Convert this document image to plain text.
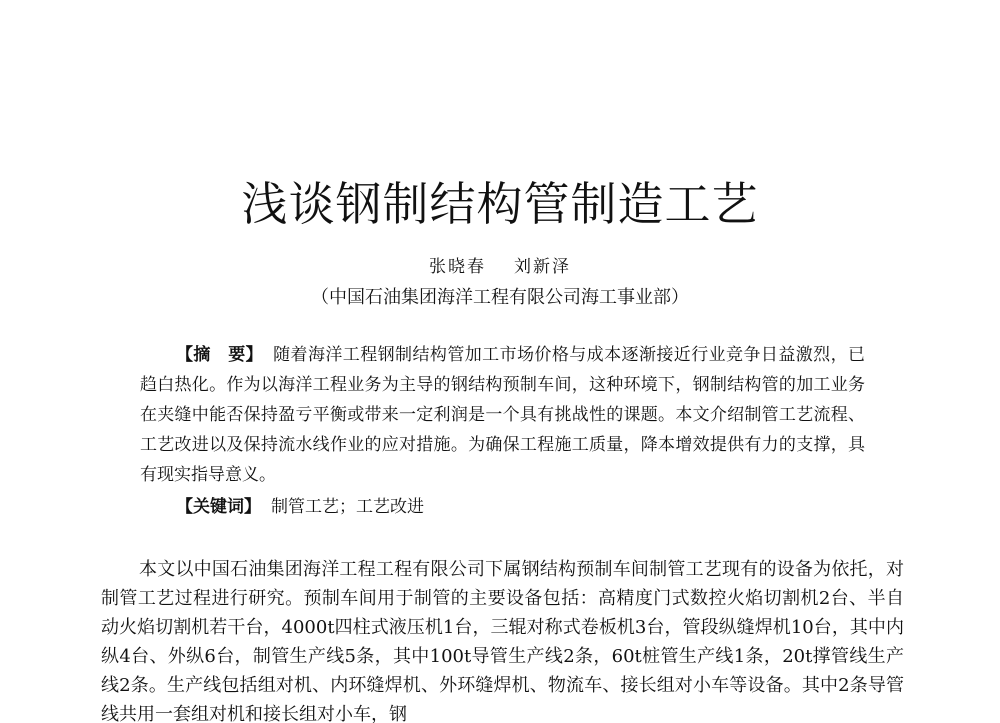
浅谈钢制结构管制造工艺
张晓春 刘新泽
（中国石油集团海洋工程有限公司海工事业部）
【摘　要】 随着海洋工程钢制结构管加工市场价格与成本逐渐接近行业竞争日益激烈，已趋白热化。作为以海洋工程业务为主导的钢结构预制车间，这种环境下，钢制结构管的加工业务在夹缝中能否保持盈亏平衡或带来一定利润是一个具有挑战性的课题。本文介绍制管工艺流程、工艺改进以及保持流水线作业的应对措施。为确保工程施工质量，降本增效提供有力的支撑，具有现实指导意义。
【关键词】 制管工艺；工艺改进

本文以中国石油集团海洋工程工程有限公司下属钢结构预制车间制管工艺现有的设备为依托，对制管工艺过程进行研究。预制车间用于制管的主要设备包括：高精度门式数控火焰切割机2台、半自动火焰切割机若干台，4000t四柱式液压机1台，三辊对称式卷板机3台，管段纵缝焊机10台，其中内纵4台、外纵6台，制管生产线5条，其中100t导管生产线2条，60t桩管生产线1条，20t撑管线生产线2条。生产线包括组对机、内环缝焊机、外环缝焊机、物流车、接长组对小车等设备。其中2条导管线共用一套组对机和接长组对小车，钢
